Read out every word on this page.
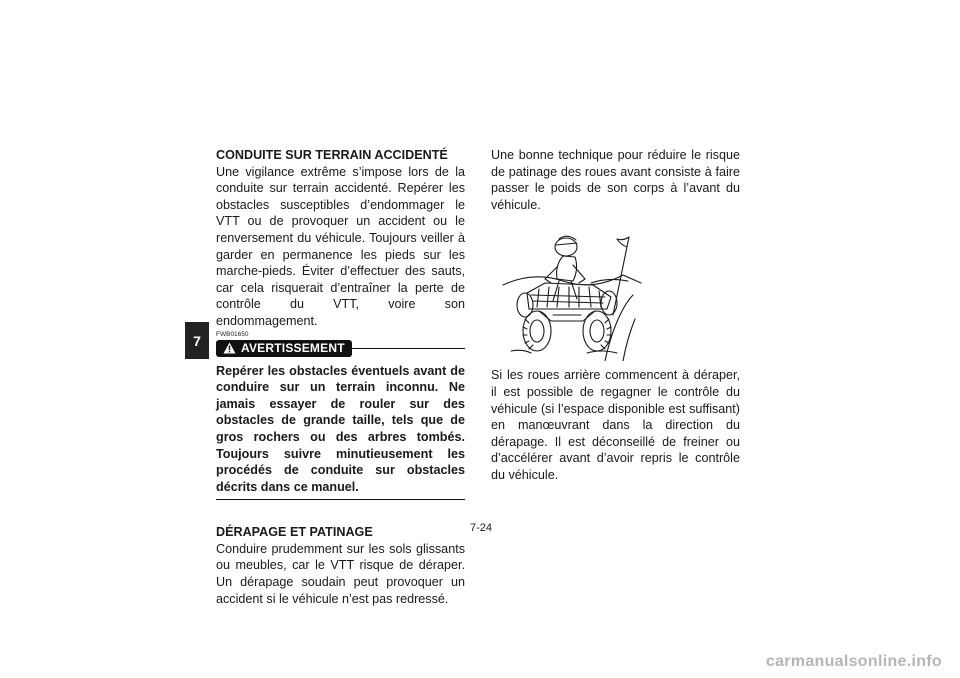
7

CONDUITE SUR TERRAIN ACCIDENTÉ

Une vigilance extrême s’impose lors de la conduite sur terrain accidenté. Repérer les obstacles susceptibles d’endommager le VTT ou de provoquer un accident ou le renversement du véhicule. Toujours veiller à garder en permanence les pieds sur les marche-pieds. Éviter d’effectuer des sauts, car cela risquerait d’entraîner la perte de contrôle du VTT, voire son endommagement.

FWB01650
AVERTISSEMENT

Repérer les obstacles éventuels avant de conduire sur un terrain inconnu. Ne jamais essayer de rouler sur des obstacles de grande taille, tels que de gros rochers ou des arbres tombés. Toujours suivre minutieusement les procédés de conduite sur obstacles décrits dans ce manuel.

DÉRAPAGE ET PATINAGE

Conduire prudemment sur les sols glissants ou meubles, car le VTT risque de déraper. Un dérapage soudain peut provoquer un accident si le véhicule n’est pas redressé.

Une bonne technique pour réduire le risque de patinage des roues avant consiste à faire passer le poids de son corps à l’avant du véhicule.

Si les roues arrière commencent à déraper, il est possible de regagner le contrôle du véhicule (si l’espace disponible est suffisant) en manœuvrant dans la direction du dérapage. Il est déconseillé de freiner ou d’accélérer avant d’avoir repris le contrôle du véhicule.

7-24
carmanualsonline.info
